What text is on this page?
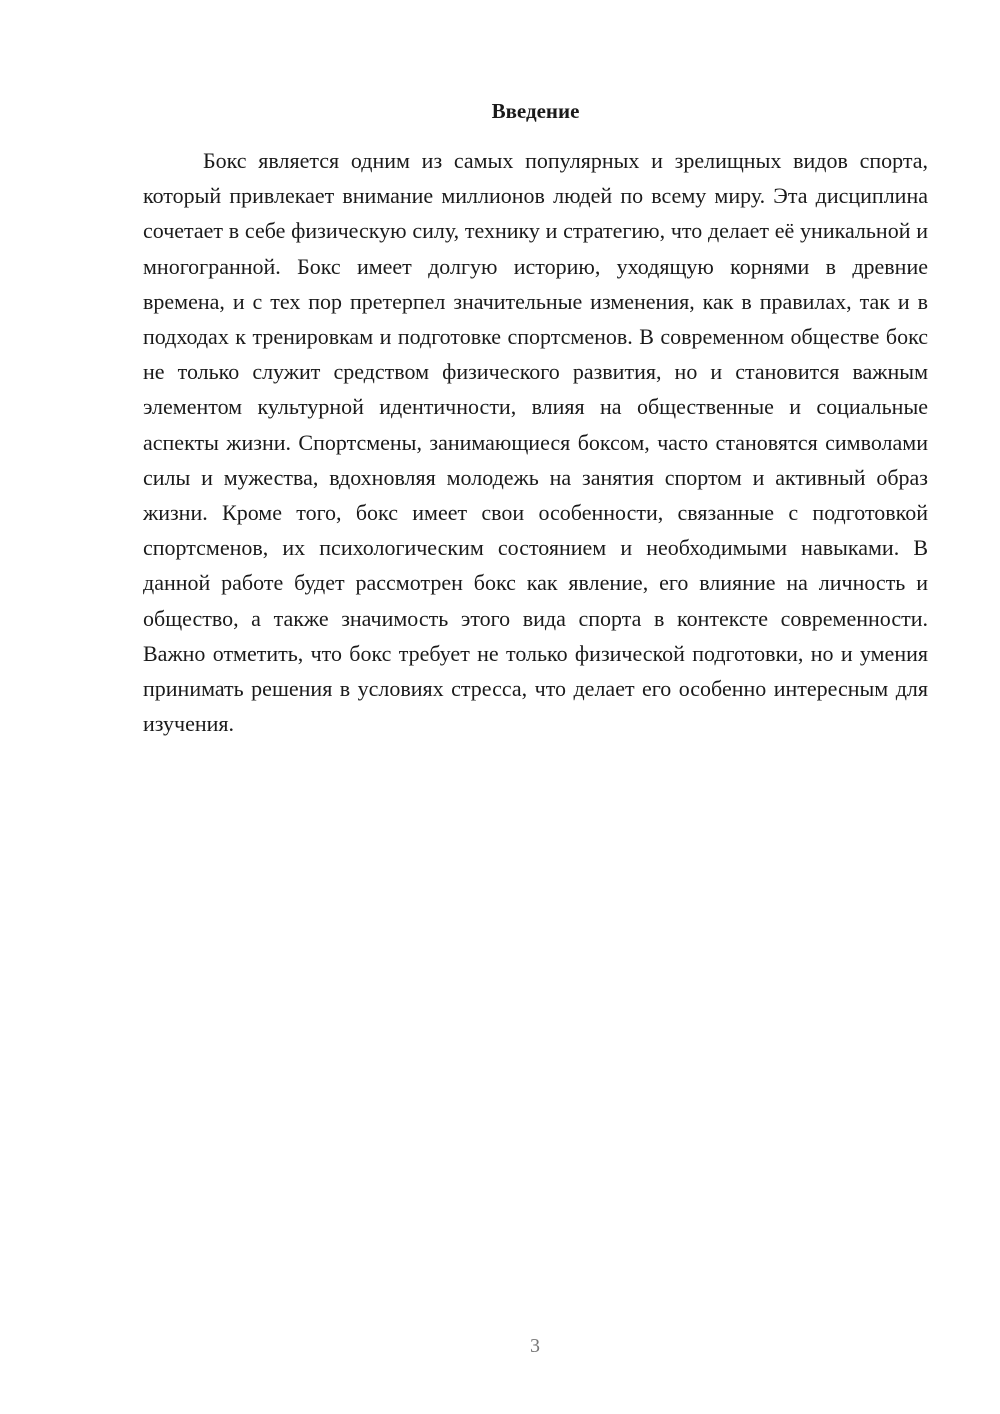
Введение

Бокс является одним из самых популярных и зрелищных видов спорта, который привлекает внимание миллионов людей по всему миру. Эта дисциплина сочетает в себе физическую силу, технику и стратегию, что делает её уникальной и многогранной. Бокс имеет долгую историю, уходящую корнями в древние времена, и с тех пор претерпел значительные изменения, как в правилах, так и в подходах к тренировкам и подготовке спортсменов. В современном обществе бокс не только служит средством физического развития, но и становится важным элементом культурной идентичности, влияя на общественные и социальные аспекты жизни. Спортсмены, занимающиеся боксом, часто становятся символами силы и мужества, вдохновляя молодежь на занятия спортом и активный образ жизни. Кроме того, бокс имеет свои особенности, связанные с подготовкой спортсменов, их психологическим состоянием и необходимыми навыками. В данной работе будет рассмотрен бокс как явление, его влияние на личность и общество, а также значимость этого вида спорта в контексте современности. Важно отметить, что бокс требует не только физической подготовки, но и умения принимать решения в условиях стресса, что делает его особенно интересным для изучения.

3
